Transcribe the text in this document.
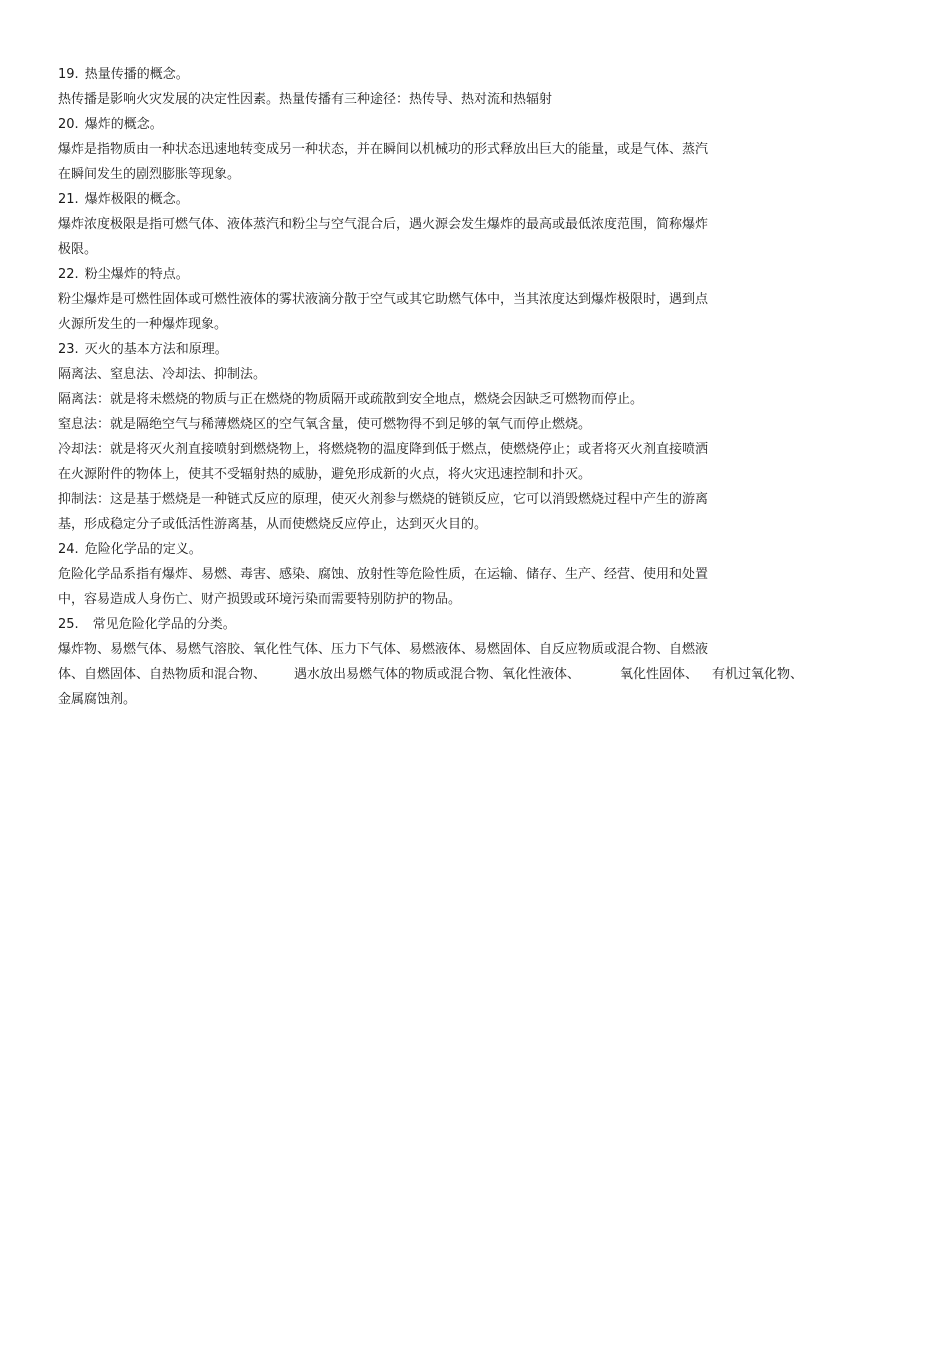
19. 热量传播的概念。
热传播是影响火灾发展的决定性因素。热量传播有三种途径：热传导、热对流和热辐射
20. 爆炸的概念。
爆炸是指物质由一种状态迅速地转变成另一种状态，并在瞬间以机械功的形式释放出巨大的能量，或是气体、蒸汽
在瞬间发生的剧烈膨胀等现象。
21. 爆炸极限的概念。
爆炸浓度极限是指可燃气体、液体蒸汽和粉尘与空气混合后，遇火源会发生爆炸的最高或最低浓度范围，简称爆炸
极限。
22. 粉尘爆炸的特点。
粉尘爆炸是可燃性固体或可燃性液体的雾状液滴分散于空气或其它助燃气体中，当其浓度达到爆炸极限时，遇到点
火源所发生的一种爆炸现象。
23. 灭火的基本方法和原理。
隔离法、窒息法、冷却法、抑制法。
隔离法：就是将未燃烧的物质与正在燃烧的物质隔开或疏散到安全地点，燃烧会因缺乏可燃物而停止。
窒息法：就是隔绝空气与稀薄燃烧区的空气氧含量，使可燃物得不到足够的氧气而停止燃烧。
冷却法：就是将灭火剂直接喷射到燃烧物上，将燃烧物的温度降到低于燃点，使燃烧停止；或者将灭火剂直接喷洒
在火源附件的物体上，使其不受辐射热的威胁，避免形成新的火点，将火灾迅速控制和扑灭。
抑制法：这是基于燃烧是一种链式反应的原理，使灭火剂参与燃烧的链锁反应，它可以消毁燃烧过程中产生的游离
基，形成稳定分子或低活性游离基，从而使燃烧反应停止，达到灭火目的。
24. 危险化学品的定义。
危险化学品系指有爆炸、易燃、毒害、感染、腐蚀、放射性等危险性质，在运输、储存、生产、经营、使用和处置
中，容易造成人身伤亡、财产损毁或环境污染而需要特别防护的物品。
25. 常见危险化学品的分类。
爆炸物、易燃气体、易燃气溶胶、氧化性气体、压力下气体、易燃液体、易燃固体、自反应物质或混合物、自燃液
体、自燃固体、自热物质和混合物、 遇水放出易燃气体的物质或混合物、氧化性液体、	氧化性固体、 有机过氧化物、
金属腐蚀剂。
